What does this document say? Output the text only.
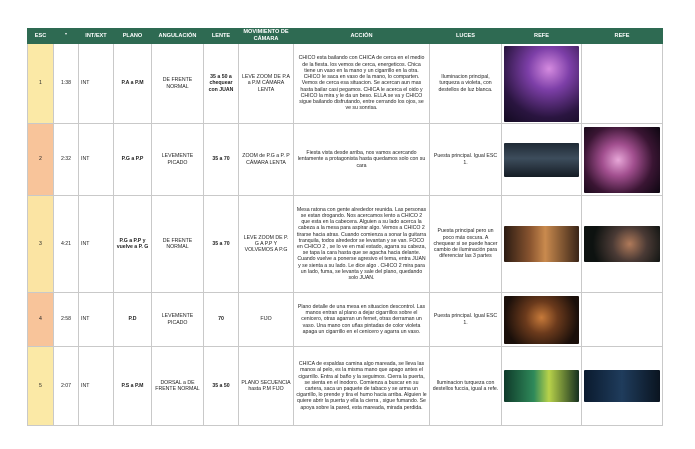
ESC	"	INT/EXT	PLANO	ANGULACIÓN	LENTE	MOVIMIENTO DE CÁMARA	ACCIÓN	LUCES	REFE	REFE
1	1:38	INT	P.A a P.M	DE FRENTE NORMAL	35 a 50 a chequear con JUAN	LEVE ZOOM DE P.A a P.M CÁMARA LENTA	CHICO esta bailando con CHICA de cerca en el medio de la fiesta. los vemos de cerca, energeticos. Chica tiene un vaso en la mano y un cigarrillo en la otra. CHICO le saca en vaso de la mano, lo comparten. Vemos de cerca esa situacion. Se acercan aun mas hasta bailar casi pegamos. CHICA le acerca el oido y CHICO la mira y le da un beso. ELLA se va y CHICO sigue bailando disfrutando, entre cerrando los ojos, se ve su sonrisa.	Iluminacion principal, turqueza a violeta, con destellos de luz blanca.	

2	2:32	INT	P.G a P.P	LEVEMENTE PICADO	35 a 70	ZOOM de P.G a P. P CÁMARA LENTA	Fiesta vista desde arriba, nos vamos acercando lentamente a protagonista hasta quedamos solo con su cara	Puesta principal. Igual ESC 1.	

3	4:21	INT	P.G a P.P y vuelve a P. G	DE FRENTE NORMAL	35 a 70	LEVE ZOOM DE P. G A P.P Y VOLVEMOS A P.G	Mesa ratona con gente alrededor reunida. Las personas se estan drogando. Nos acercamos lento a CHICO 2 que esta en la cabecera. Alguien a su lado acerca la cabeza a la mesa para aspirar algo. Vemos a CHICO 2 tirarse hacia atras. Cuando comienza a sonar la guitarra tranquila, todos alrededor se levantan y se van. FOCO en CHICO 2 , se lo ve en mal estado, agarra su cabeza, se tapa la cara hasta que se agacha hacia delante. Cuando vuelve a ponerse agresivo el tema, entra JUAN y se sienta a su lado. Le dice algo . CHICO 2 mira para un lado, fuma, se levanta y sale del plano, quedando solo JUAN.	Puesta principal pero un poco más oscura. A chequear si se puede hacer cambio de iluminación para diferenciar las 3 partes	

4	2:58	INT	P.D	LEVEMENTE PICADO	70	FIJO	Plano detalle de una mesa en situacion descontrol. Las manos entran al plano a dejar cigarrillos sobre el cenicero, otras agarran un fernet, otras derraman un vaso. Una mano con uñas pintadas de color violeta apaga un cigarrillo en el cenicero y agarra un vaso.	Puesta principal. Igual ESC 1.	

5	2:07	INT	P.S a P.M	DORSAL a DE FRENTE NORMAL	35 a 50	PLANO SECUENCIA hasta P.M FIJO	CHICA de espaldas camina algo mareada, se lleva las manos al pelo, es la misma mano que apago antes el cigarrillo. Entra al baño y la seguimos. Cierra la puerta, se sienta en el inodoro. Comienza a buscar en su cartera, saca un paquete de tabaco y se arma un cigarrillo, lo prende y tira el humo hacia arriba. Alguien le quiere abrir la puerta y ella la cierra , sigue fumando. Se apoya sobre la pared, esta mareada, mirada perdida.	Iluminacion turqueza con destellos fuccia, igual a refe.	
